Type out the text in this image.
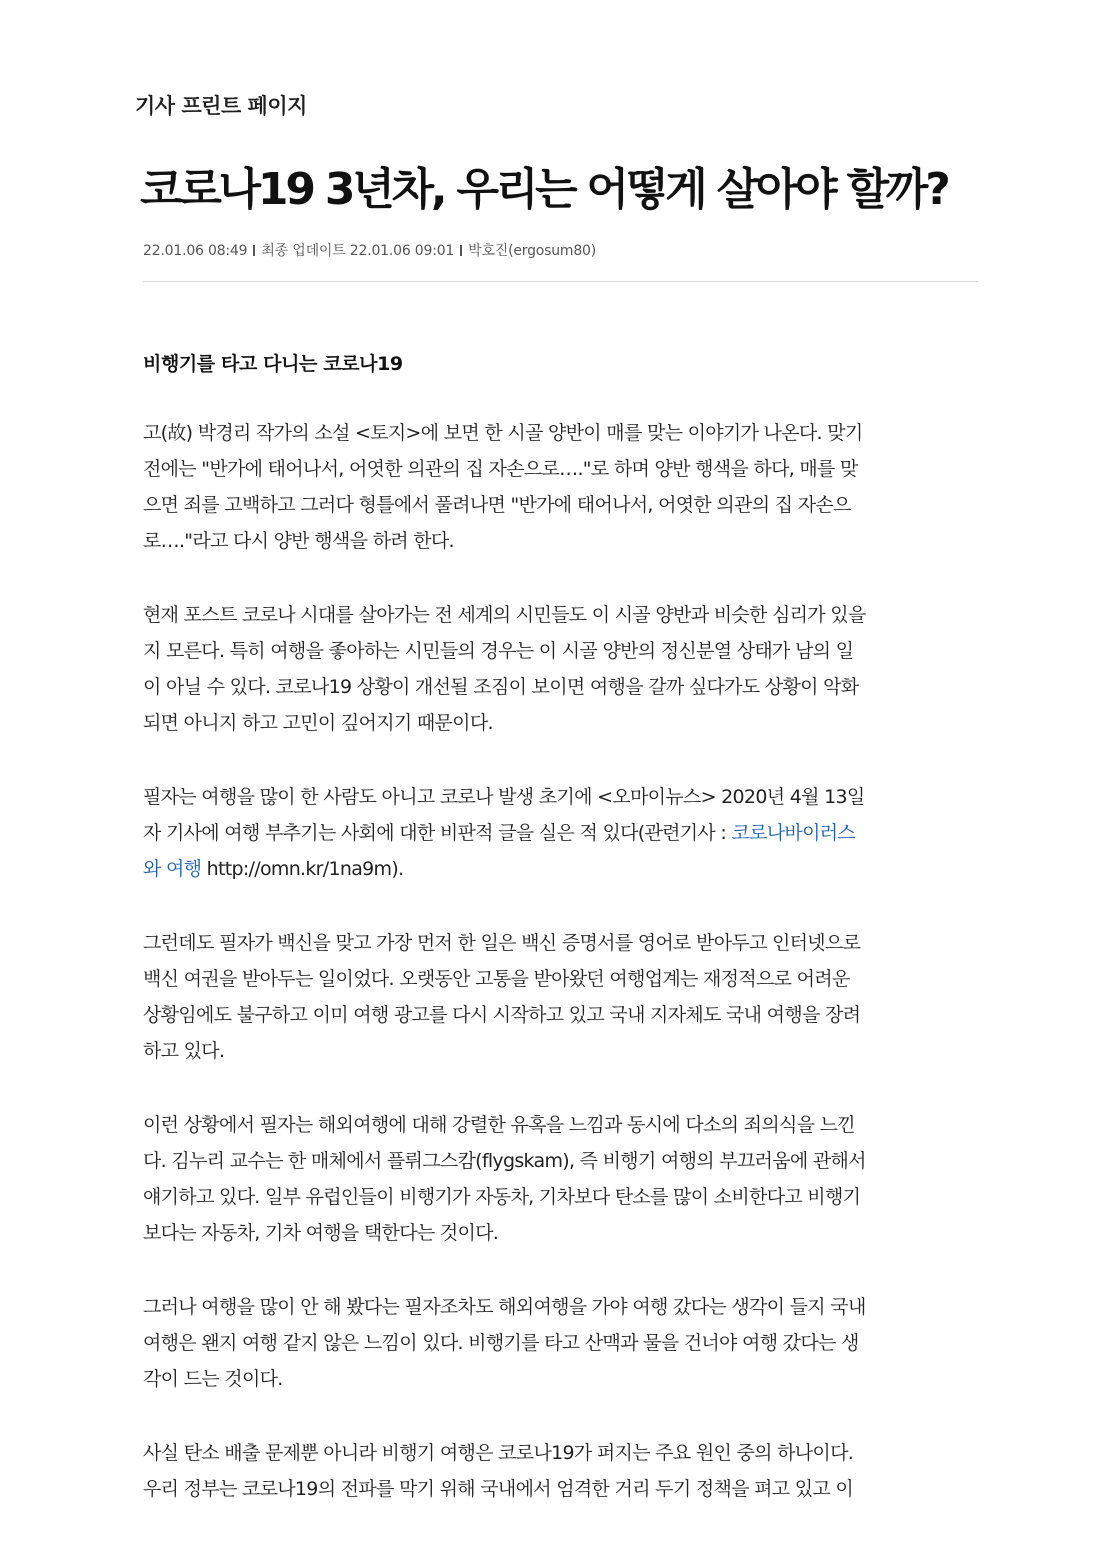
기사 프린트 페이지
코로나19 3년차, 우리는 어떻게 살아야 할까?
22.01.06 08:49 최종 업데이트 22.01.06 09:01 박호진(ergosum80)
비행기를 타고 다니는 코로나19

고(故) 박경리 작가의 소설 <토지>에 보면 한 시골 양반이 매를 맞는 이야기가 나온다. 맞기
전에는 "반가에 태어나서, 어엿한 의관의 집 자손으로…."로 하며 양반 행색을 하다, 매를 맞
으면 죄를 고백하고 그러다 형틀에서 풀려나면 "반가에 태어나서, 어엿한 의관의 집 자손으
로…."라고 다시 양반 행색을 하려 한다.

현재 포스트 코로나 시대를 살아가는 전 세계의 시민들도 이 시골 양반과 비슷한 심리가 있을
지 모른다. 특히 여행을 좋아하는 시민들의 경우는 이 시골 양반의 정신분열 상태가 남의 일
이 아닐 수 있다. 코로나19 상황이 개선될 조짐이 보이면 여행을 갈까 싶다가도 상황이 악화
되면 아니지 하고 고민이 깊어지기 때문이다.

필자는 여행을 많이 한 사람도 아니고 코로나 발생 초기에 <오마이뉴스> 2020년 4월 13일
자 기사에 여행 부추기는 사회에 대한 비판적 글을 실은 적 있다(관련기사 : 코로나바이러스
와 여행 http://omn.kr/1na9m).

그런데도 필자가 백신을 맞고 가장 먼저 한 일은 백신 증명서를 영어로 받아두고 인터넷으로
백신 여권을 받아두는 일이었다. 오랫동안 고통을 받아왔던 여행업계는 재정적으로 어려운
상황임에도 불구하고 이미 여행 광고를 다시 시작하고 있고 국내 지자체도 국내 여행을 장려
하고 있다.

이런 상황에서 필자는 해외여행에 대해 강렬한 유혹을 느낌과 동시에 다소의 죄의식을 느낀
다. 김누리 교수는 한 매체에서 플뤼그스캄(flygskam), 즉 비행기 여행의 부끄러움에 관해서
얘기하고 있다. 일부 유럽인들이 비행기가 자동차, 기차보다 탄소를 많이 소비한다고 비행기
보다는 자동차, 기차 여행을 택한다는 것이다.

그러나 여행을 많이 안 해 봤다는 필자조차도 해외여행을 가야 여행 갔다는 생각이 들지 국내
여행은 왠지 여행 같지 않은 느낌이 있다. 비행기를 타고 산맥과 물을 건너야 여행 갔다는 생
각이 드는 것이다.

사실 탄소 배출 문제뿐 아니라 비행기 여행은 코로나19가 퍼지는 주요 원인 중의 하나이다.
우리 정부는 코로나19의 전파를 막기 위해 국내에서 엄격한 거리 두기 정책을 펴고 있고 이
